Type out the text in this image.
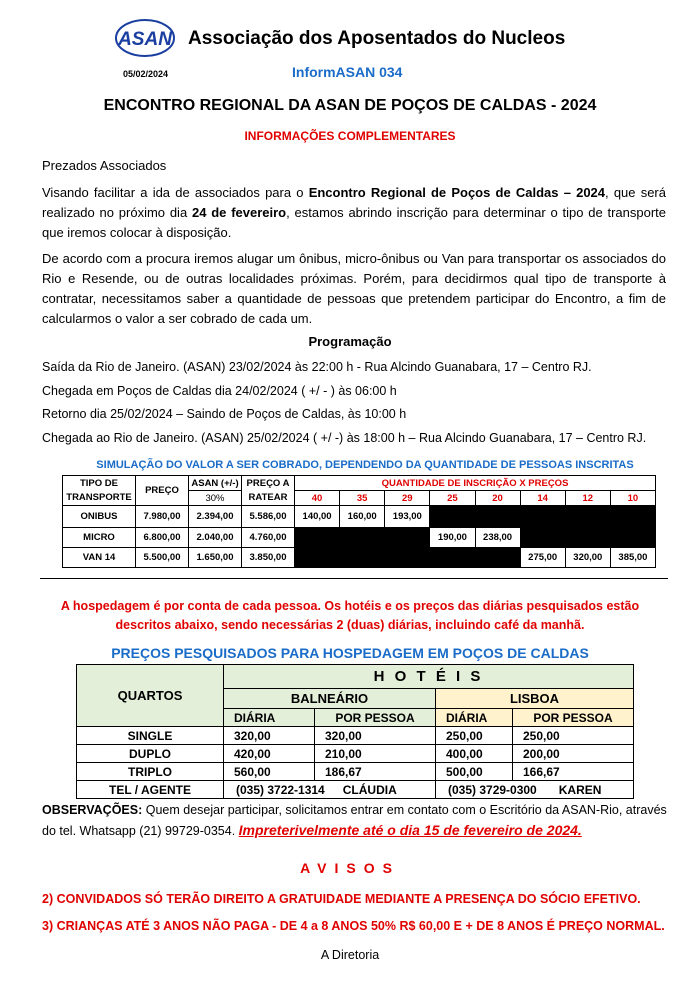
ASAN Associação dos Aposentados do Nucleos
05/02/2024	InformASAN 034
ENCONTRO REGIONAL DA ASAN DE POÇOS DE CALDAS - 2024
INFORMAÇÕES COMPLEMENTARES
Prezados Associados
Visando facilitar a ida de associados para o Encontro Regional de Poços de Caldas – 2024, que será realizado no próximo dia 24 de fevereiro, estamos abrindo inscrição para determinar o tipo de transporte que iremos colocar à disposição.
De acordo com a procura iremos alugar um ônibus, micro-ônibus ou Van para transportar os associados do Rio e Resende, ou de outras localidades próximas. Porém, para decidirmos qual tipo de transporte à contratar, necessitamos saber a quantidade de pessoas que pretendem participar do Encontro, a fim de calcularmos o valor a ser cobrado de cada um.
Programação
Saída da Rio de Janeiro. (ASAN) 23/02/2024 às 22:00 h - Rua Alcindo Guanabara, 17 – Centro RJ.
Chegada em Poços de Caldas dia 24/02/2024 ( +/ - ) às 06:00 h
Retorno dia 25/02/2024 – Saindo de Poços de Caldas, às 10:00 h
Chegada ao Rio de Janeiro. (ASAN) 25/02/2024 ( +/ -) às 18:00 h – Rua Alcindo Guanabara, 17 – Centro RJ.
SIMULAÇÃO DO VALOR A SER COBRADO, DEPENDENDO DA QUANTIDADE DE PESSOAS INSCRITAS
TIPO DE	PREÇO	ASAN (+/-)	PREÇO A	QUANTIDADE DE INSCRIÇÃO X PREÇOS							
TRANSPORTE		30%	RATEAR	40	35	29	25	20	14	12	10
ONIBUS	7.980,00	2.394,00	5.586,00	140,00	160,00	193,00					
MICRO	6.800,00	2.040,00	4.760,00				190,00	238,00			
VAN 14	5.500,00	1.650,00	3.850,00						275,00	320,00	385,00
A hospedagem é por conta de cada pessoa. Os hotéis e os preços das diárias pesquisados estão
descritos abaixo, sendo necessárias 2 (duas) diárias, incluindo café da manhã.
PREÇOS PESQUISADOS PARA HOSPEDAGEM EM POÇOS DE CALDAS
QUARTOS	H O T É I S			
	BALNEÁRIO		LISBOA	
	DIÁRIA	POR PESSOA	DIÁRIA	POR PESSOA
SINGLE	320,00	320,00	250,00	250,00
DUPLO	420,00	210,00	400,00	200,00
TRIPLO	560,00	186,67	500,00	166,67
TEL / AGENTE	(035) 3722-1314 CLÁUDIA		(035) 3729-0300 KAREN	
OBSERVAÇÕES: Quem desejar participar, solicitamos entrar em contato com o Escritório da ASAN-Rio, através do tel. Whatsapp (21) 99729-0354. Impreterivelmente até o dia 15 de fevereiro de 2024.
AVISOS
2) CONVIDADOS SÓ TERÃO DIREITO A GRATUIDADE MEDIANTE A PRESENÇA DO SÓCIO EFETIVO.
3) CRIANÇAS ATÉ 3 ANOS NÃO PAGA - DE 4 a 8 ANOS 50% R$ 60,00 E + DE 8 ANOS É PREÇO NORMAL.
A Diretoria
